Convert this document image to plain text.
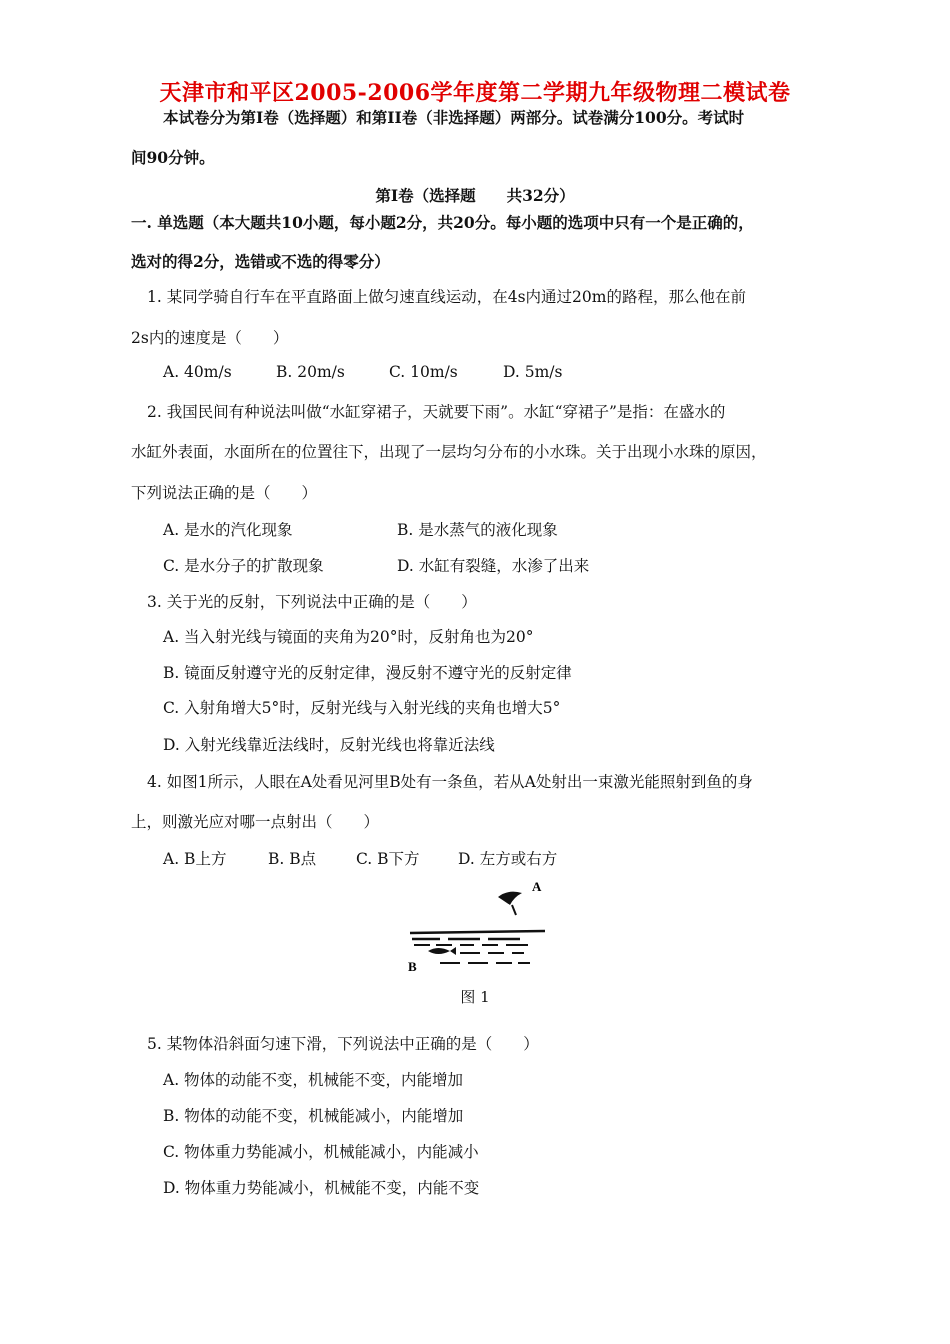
天津市和平区2005-2006学年度第二学期九年级物理二模试卷
本试卷分为第Ⅰ卷（选择题）和第II卷（非选择题）两部分。试卷满分100分。考试时
间90分钟。
第Ⅰ卷（选择题　　共32分）
一. 单选题（本大题共10小题，每小题2分，共20分。每小题的选项中只有一个是正确的，
选对的得2分，选错或不选的得零分）
1. 某同学骑自行车在平直路面上做匀速直线运动，在4s内通过20m的路程，那么他在前
2s内的速度是（　　）
A. 40m/s	B. 20m/s	C. 10m/s	D. 5m/s
2. 我国民间有种说法叫做“水缸穿裙子，天就要下雨”。水缸“穿裙子”是指：在盛水的
水缸外表面，水面所在的位置往下，出现了一层均匀分布的小水珠。关于出现小水珠的原因，
下列说法正确的是（　　）
A. 是水的汽化现象	B. 是水蒸气的液化现象
C. 是水分子的扩散现象	D. 水缸有裂缝，水渗了出来
3. 关于光的反射，下列说法中正确的是（　　）
A. 当入射光线与镜面的夹角为20°时，反射角也为20°
B. 镜面反射遵守光的反射定律，漫反射不遵守光的反射定律
C. 入射角增大5°时，反射光线与入射光线的夹角也增大5°
D. 入射光线靠近法线时，反射光线也将靠近法线
4. 如图1所示，人眼在A处看见河里B处有一条鱼，若从A处射出一束激光能照射到鱼的身
上，则激光应对哪一点射出（　　）
A. B上方	B. B点	C. B下方 D. 左方或右方
A
B
图 1
5. 某物体沿斜面匀速下滑，下列说法中正确的是（　　）
A. 物体的动能不变，机械能不变，内能增加
B. 物体的动能不变，机械能减小，内能增加
C. 物体重力势能减小，机械能减小，内能减小
D. 物体重力势能减小，机械能不变，内能不变
